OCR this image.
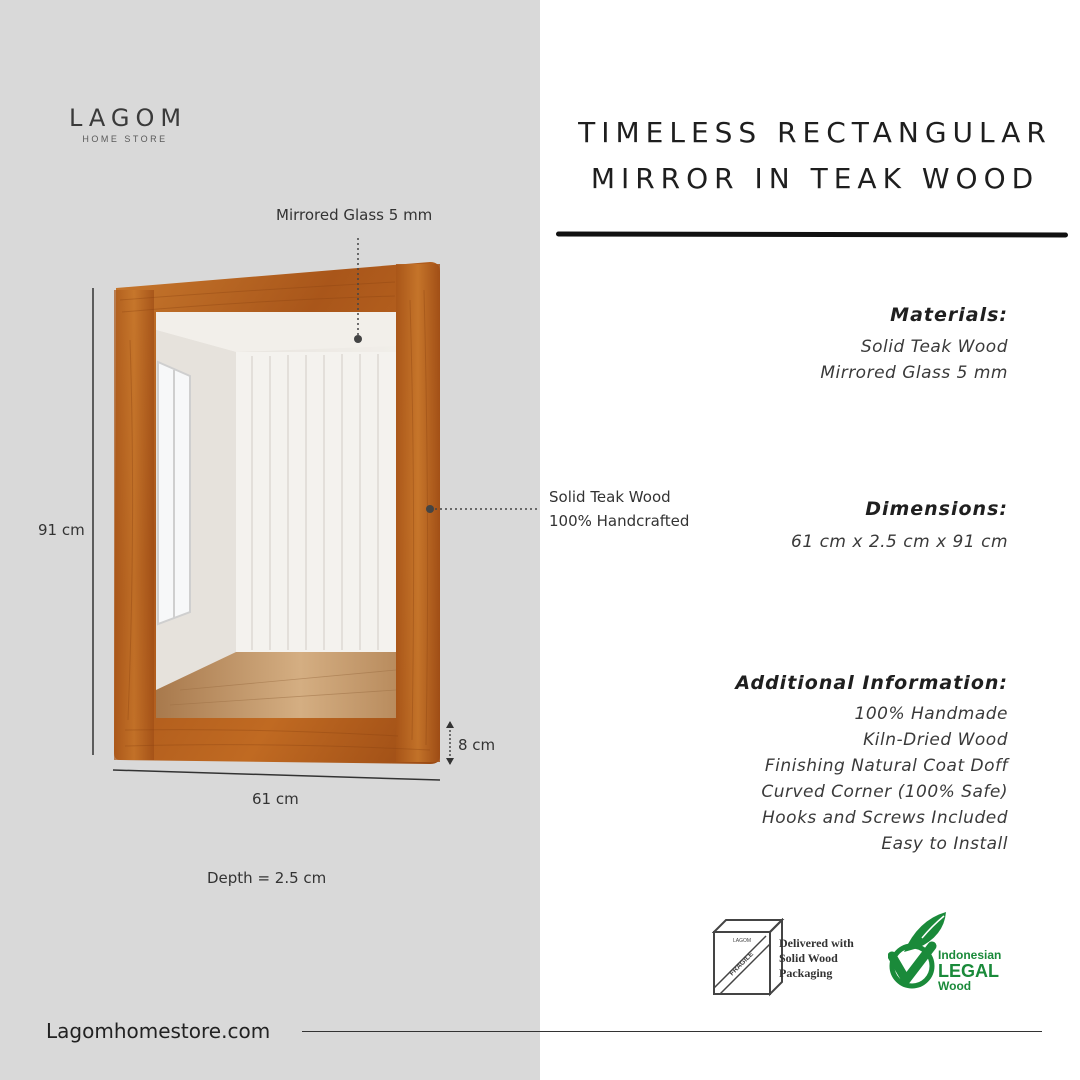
LAGOM
HOME STORE
Mirrored Glass 5 mm
Solid Teak Wood
100% Handcrafted
91 cm
61 cm
8 cm
Depth = 2.5 cm
TIMELESS RECTANGULAR
MIRROR IN TEAK WOOD
Materials:
Solid Teak Wood
Mirrored Glass 5 mm
Dimensions:
61 cm x 2.5 cm x 91 cm
Additional Information:
100% Handmade
Kiln-Dried Wood
Finishing Natural Coat Doff
Curved Corner (100% Safe)
Hooks and Screws Included
Easy to Install
LAGOM
FRAGILE
Delivered with
Solid Wood
Packaging
Indonesian
LEGAL
Wood
Lagomhomestore.com
